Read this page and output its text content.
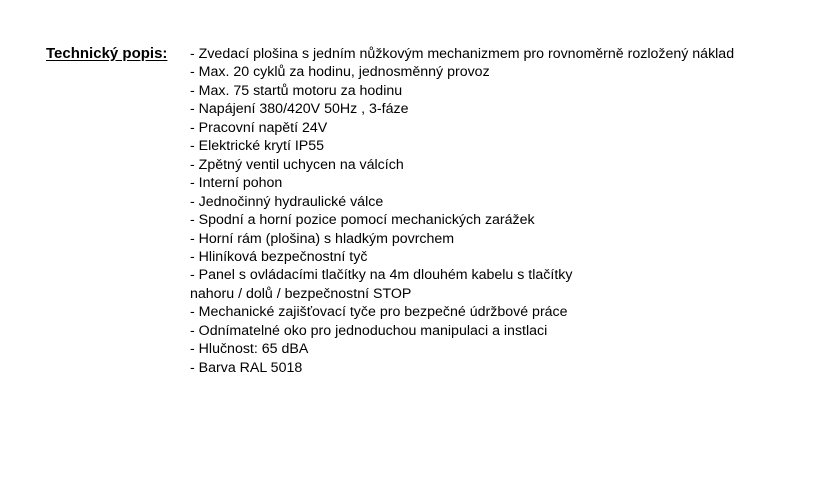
Technický popis: - Zvedací plošina s jedním nůžkovým mechanizmem pro rovnoměrně rozložený náklad
- Max. 20 cyklů za hodinu, jednosměnný provoz
- Max. 75 startů motoru za hodinu
- Napájení 380/420V 50Hz , 3-fáze
- Pracovní napětí 24V
- Elektrické krytí IP55
- Zpětný ventil uchycen na válcích
- Interní pohon
- Jednočinný hydraulické válce
- Spodní a horní pozice pomocí mechanických zarážek
- Horní rám (plošina) s hladkým povrchem
- Hliníková bezpečnostní tyč
- Panel s ovládacími tlačítky na 4m dlouhém kabelu s tlačítky
nahoru / dolů / bezpečnostní STOP
- Mechanické zajišťovací tyče pro bezpečné údržbové práce
- Odnímatelné oko pro jednoduchou manipulaci a instlaci
- Hlučnost: 65 dBA
- Barva RAL 5018
